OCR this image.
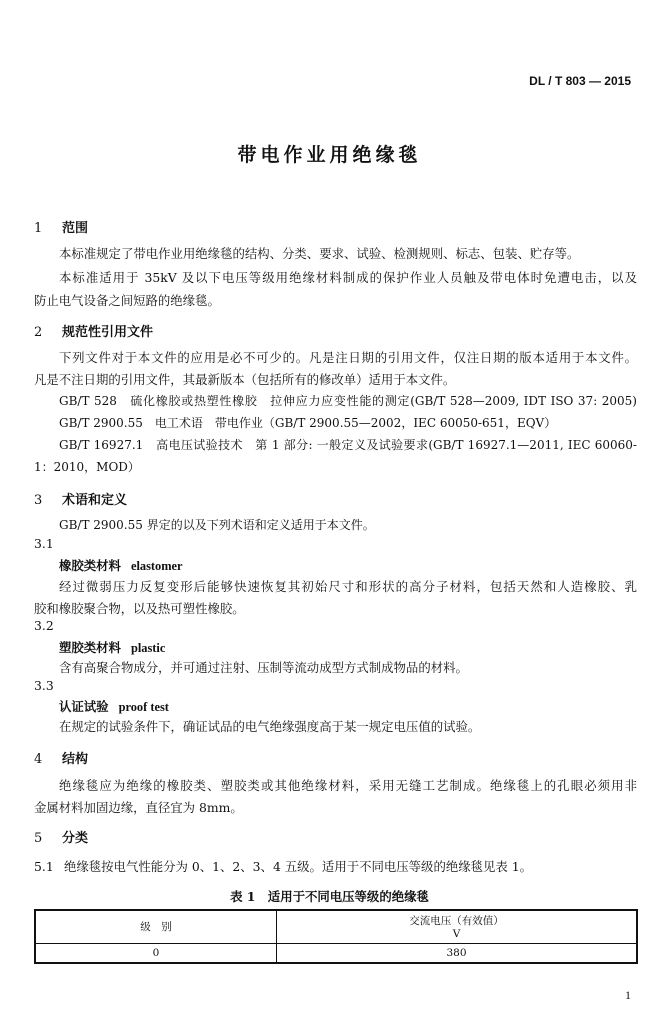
DL / T 803 — 2015
带电作业用绝缘毯
1 范围
本标准规定了带电作业用绝缘毯的结构、分类、要求、试验、检测规则、标志、包装、贮存等。
本标准适用于 35kV 及以下电压等级用绝缘材料制成的保护作业人员触及带电体时免遭电击，以及
防止电气设备之间短路的绝缘毯。
2 规范性引用文件
下列文件对于本文件的应用是必不可少的。凡是注日期的引用文件，仅注日期的版本适用于本文件。
凡是不注日期的引用文件，其最新版本（包括所有的修改单）适用于本文件。
GB/T 528　硫化橡胶或热塑性橡胶　拉伸应力应变性能的测定(GB/T 528—2009, IDT ISO 37: 2005)
GB/T 2900.55　电工术语　带电作业（GB/T 2900.55—2002，IEC 60050-651，EQV）
GB/T 16927.1　高电压试验技术　第 1 部分: 一般定义及试验要求(GB/T 16927.1—2011, IEC 60060-
1：2010，MOD）
3 术语和定义
GB/T 2900.55 界定的以及下列术语和定义适用于本文件。
3.1
橡胶类材料 elastomer
经过微弱压力反复变形后能够快速恢复其初始尺寸和形状的高分子材料，包括天然和人造橡胶、乳
胶和橡胶聚合物，以及热可塑性橡胶。
3.2
塑胶类材料 plastic
含有高聚合物成分，并可通过注射、压制等流动成型方式制成物品的材料。
3.3
认证试验 proof test
在规定的试验条件下，确证试品的电气绝缘强度高于某一规定电压值的试验。
4 结构
绝缘毯应为绝缘的橡胶类、塑胶类或其他绝缘材料，采用无缝工艺制成。绝缘毯上的孔眼必须用非
金属材料加固边缘，直径宜为 8mm。
5 分类
5.1 绝缘毯按电气性能分为 0、1、2、3、4 五级。适用于不同电压等级的绝缘毯见表 1。
表 1　适用于不同电压等级的绝缘毯
级　别	交流电压（有效值）
V

0	380
1
